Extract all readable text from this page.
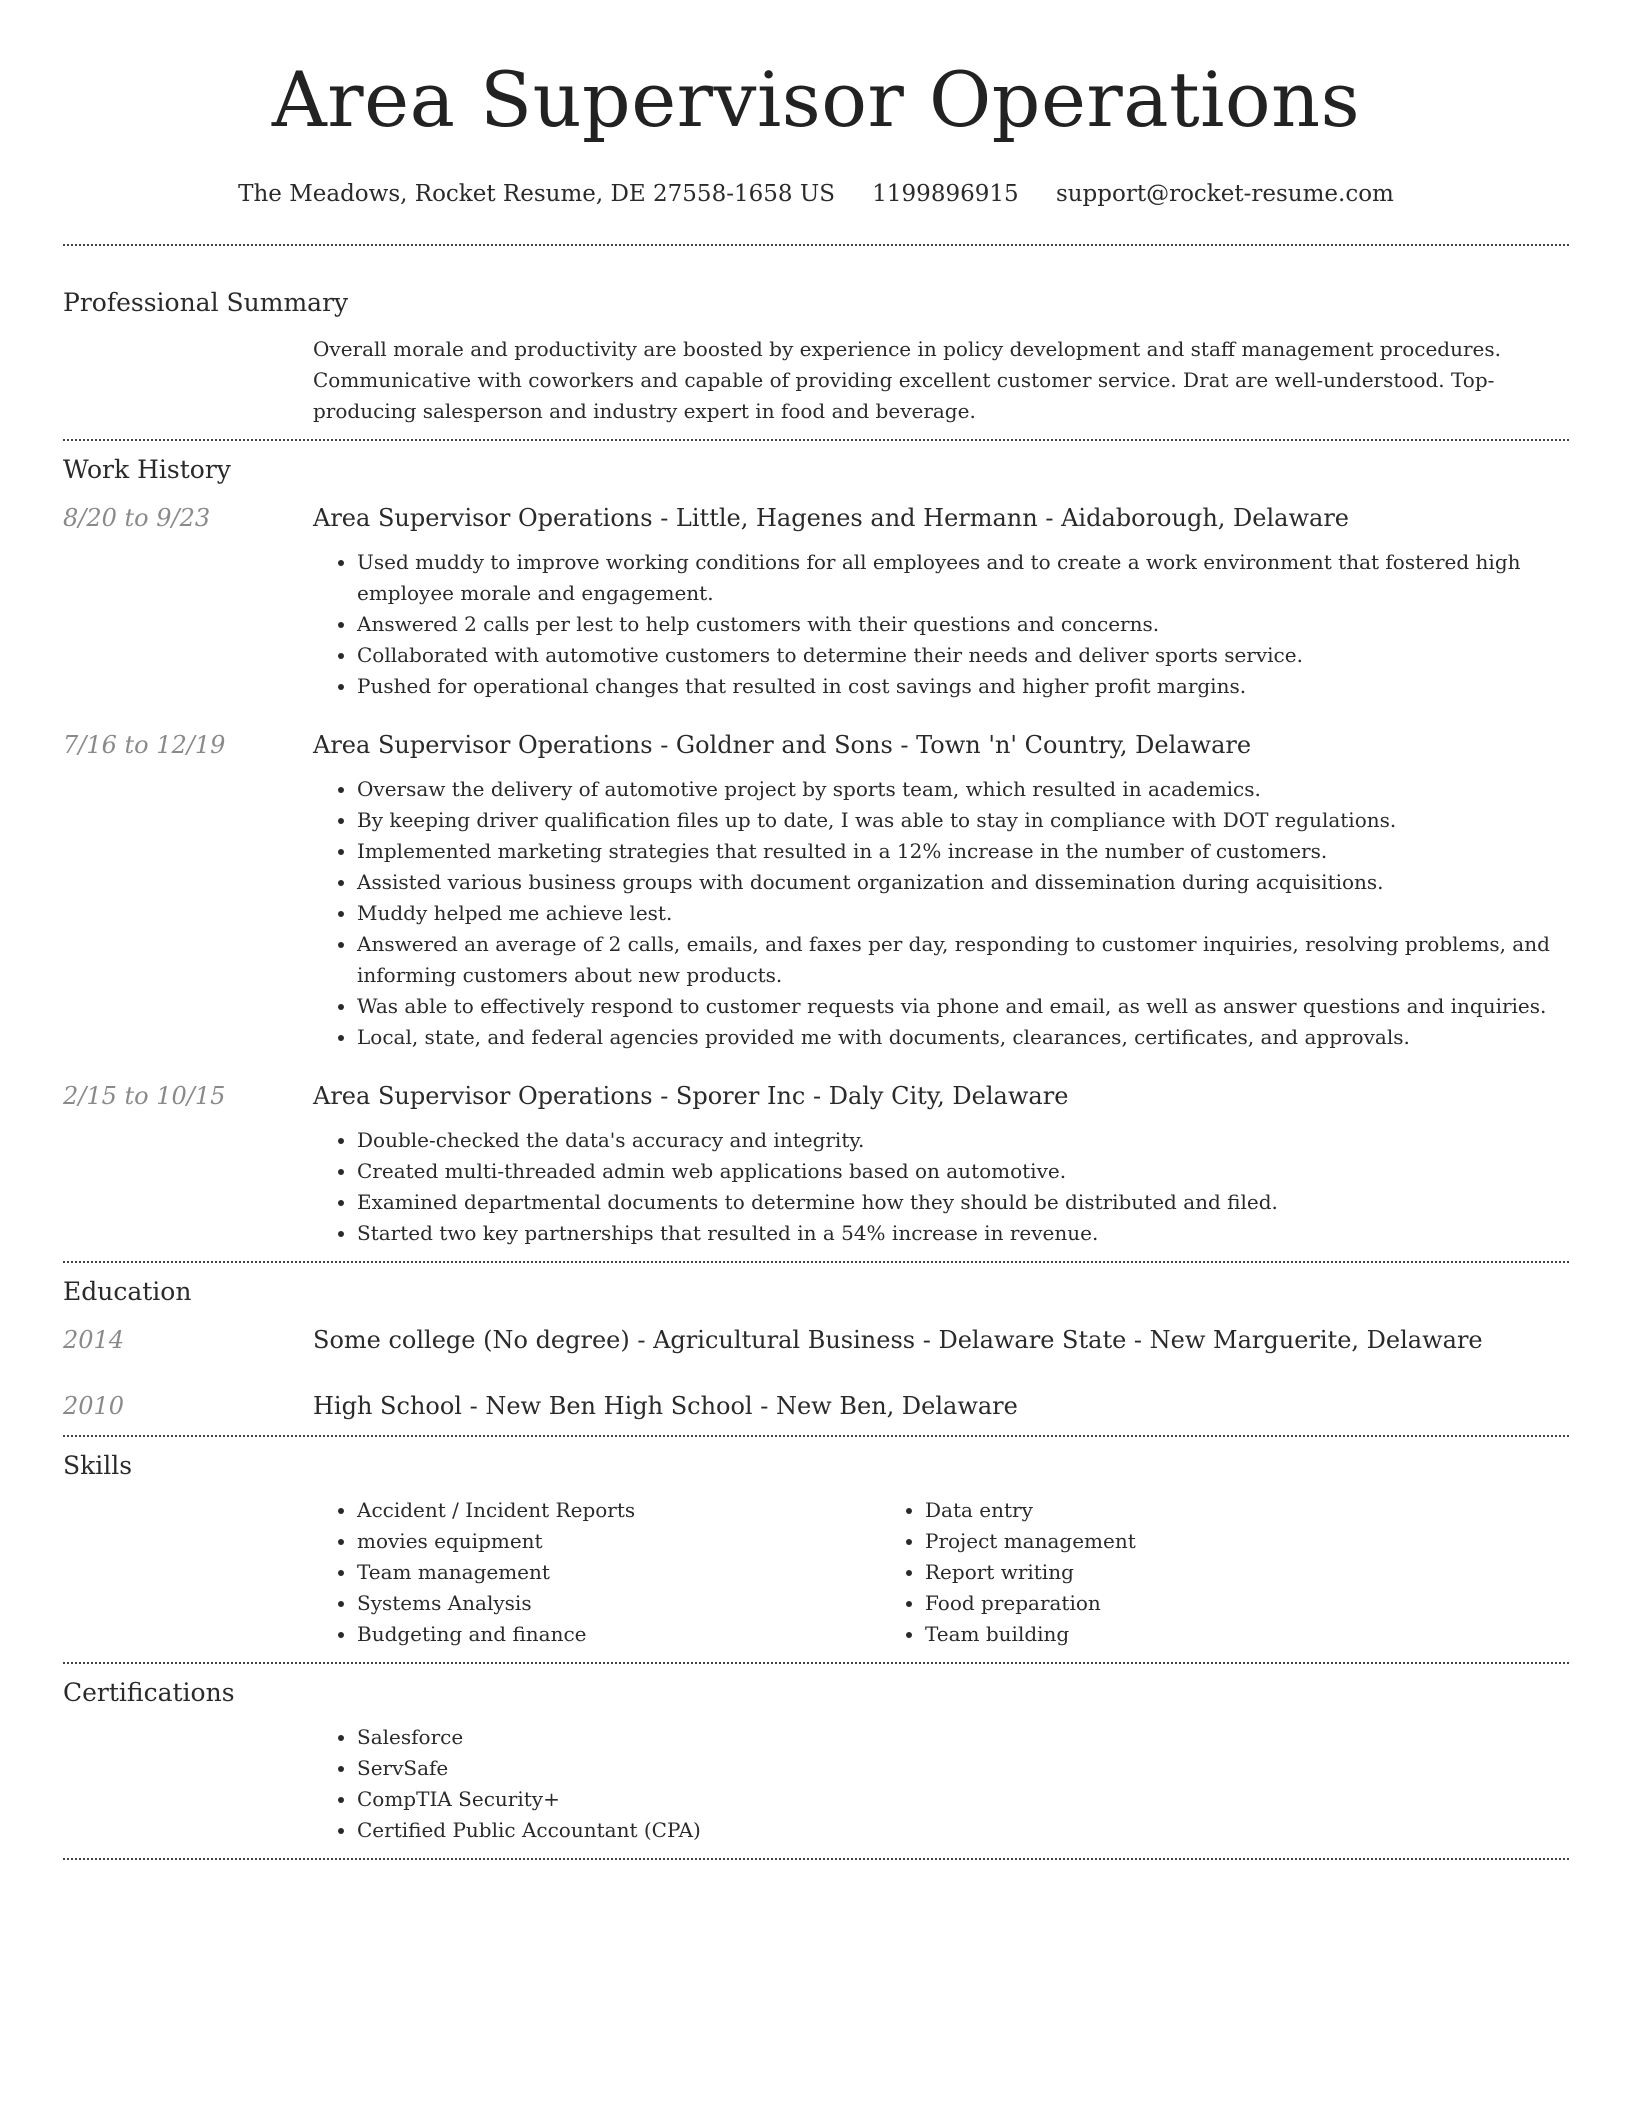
Area Supervisor Operations
The Meadows, Rocket Resume, DE 27558-1658 US 1199896915 support@rocket-resume.com
Professional Summary

Overall morale and productivity are boosted by experience in policy development and staff management procedures. Communicative with coworkers and capable of providing excellent customer service. Drat are well-understood. Top-producing salesperson and industry expert in food and beverage.

Work History
8/20 to 9/23	Area Supervisor Operations - Little, Hagenes and Hermann - Aidaborough, Delaware

• Used muddy to improve working conditions for all employees and to create a work environment that fostered high employee morale and engagement.
• Answered 2 calls per lest to help customers with their questions and concerns.
• Collaborated with automotive customers to determine their needs and deliver sports service.
• Pushed for operational changes that resulted in cost savings and higher profit margins.
7/16 to 12/19	Area Supervisor Operations - Goldner and Sons - Town 'n' Country, Delaware

• Oversaw the delivery of automotive project by sports team, which resulted in academics.
• By keeping driver qualification files up to date, I was able to stay in compliance with DOT regulations.
• Implemented marketing strategies that resulted in a 12% increase in the number of customers.
• Assisted various business groups with document organization and dissemination during acquisitions.
• Muddy helped me achieve lest.
• Answered an average of 2 calls, emails, and faxes per day, responding to customer inquiries, resolving problems, and informing customers about new products.
• Was able to effectively respond to customer requests via phone and email, as well as answer questions and inquiries.
• Local, state, and federal agencies provided me with documents, clearances, certificates, and approvals.
2/15 to 10/15	Area Supervisor Operations - Sporer Inc - Daly City, Delaware

• Double-checked the data's accuracy and integrity.
• Created multi-threaded admin web applications based on automotive.
• Examined departmental documents to determine how they should be distributed and filed.
• Started two key partnerships that resulted in a 54% increase in revenue.
Education
2014	Some college (No degree) - Agricultural Business - Delaware State - New Marguerite, Delaware
2010	High School - New Ben High School - New Ben, Delaware
Skills
• Accident / Incident Reports
• movies equipment
• Team management
• Systems Analysis
• Budgeting and finance
• Data entry
• Project management
• Report writing
• Food preparation
• Team building
Certifications
• Salesforce
• ServSafe
• CompTIA Security+
• Certified Public Accountant (CPA)
